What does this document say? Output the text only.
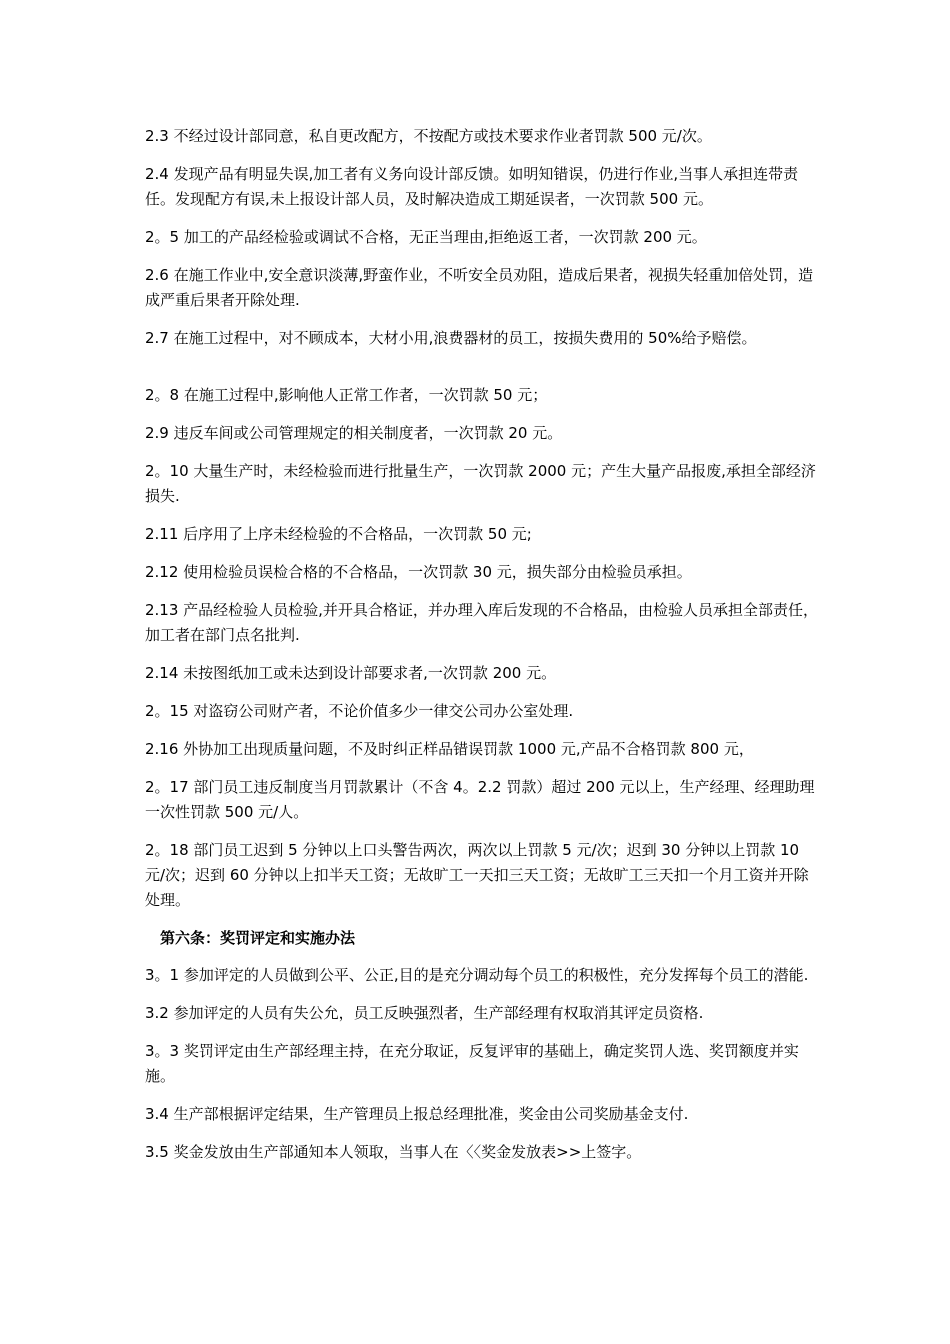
2.3 不经过设计部同意，私自更改配方，不按配方或技术要求作业者罚款 500 元/次。

2.4 发现产品有明显失误,加工者有义务向设计部反馈。如明知错误，仍进行作业,当事人承担连带责任。发现配方有误,未上报设计部人员，及时解决造成工期延误者，一次罚款 500 元。

2。5 加工的产品经检验或调试不合格，无正当理由,拒绝返工者，一次罚款 200 元。

2.6 在施工作业中,安全意识淡薄,野蛮作业，不听安全员劝阻，造成后果者，视损失轻重加倍处罚，造成严重后果者开除处理.

2.7 在施工过程中，对不顾成本，大材小用,浪费器材的员工，按损失费用的 50%给予赔偿。

2。8 在施工过程中,影响他人正常工作者，一次罚款 50 元；

2.9 违反车间或公司管理规定的相关制度者，一次罚款 20 元。

2。10 大量生产时，未经检验而进行批量生产，一次罚款 2000 元；产生大量产品报废,承担全部经济损失.

2.11 后序用了上序未经检验的不合格品，一次罚款 50 元;

2.12 使用检验员误检合格的不合格品，一次罚款 30 元，损失部分由检验员承担。

2.13 产品经检验人员检验,并开具合格证，并办理入库后发现的不合格品，由检验人员承担全部责任，加工者在部门点名批判.

2.14 未按图纸加工或未达到设计部要求者,一次罚款 200 元。

2。15 对盗窃公司财产者，不论价值多少一律交公司办公室处理.

2.16 外协加工出现质量问题，不及时纠正样品错误罚款 1000 元,产品不合格罚款 800 元，

2。17 部门员工违反制度当月罚款累计（不含 4。2.2 罚款）超过 200 元以上，生产经理、经理助理一次性罚款 500 元/人。

2。18 部门员工迟到 5 分钟以上口头警告两次，两次以上罚款 5 元/次；迟到 30 分钟以上罚款 10 元/次；迟到 60 分钟以上扣半天工资；无故旷工一天扣三天工资；无故旷工三天扣一个月工资并开除处理。

第六条：奖罚评定和实施办法

3。1 参加评定的人员做到公平、公正,目的是充分调动每个员工的积极性，充分发挥每个员工的潜能.

3.2 参加评定的人员有失公允，员工反映强烈者，生产部经理有权取消其评定员资格.

3。3 奖罚评定由生产部经理主持，在充分取证，反复评审的基础上，确定奖罚人选、奖罚额度并实施。

3.4 生产部根据评定结果，生产管理员上报总经理批准，奖金由公司奖励基金支付.

3.5 奖金发放由生产部通知本人领取，当事人在〈〈奖金发放表>>上签字。
